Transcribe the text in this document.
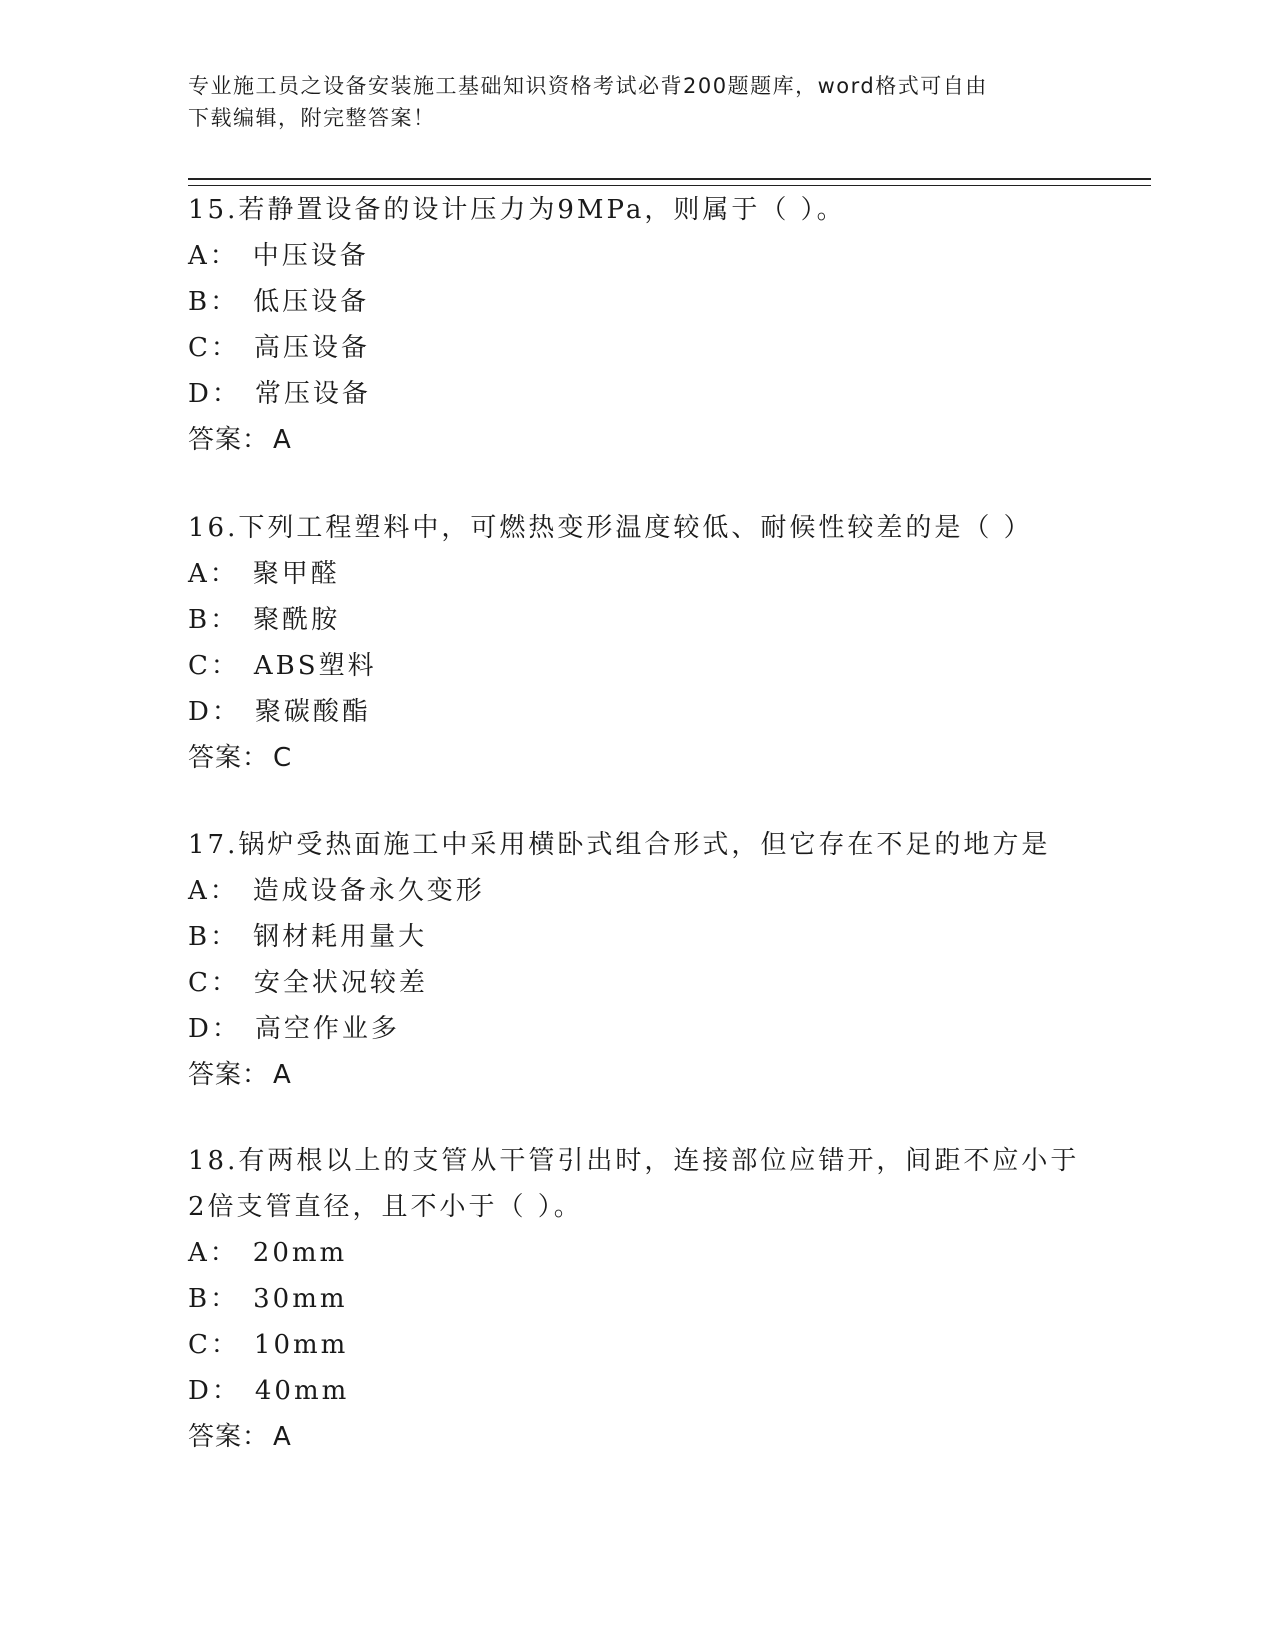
专业施工员之设备安装施工基础知识资格考试必背200题题库，word格式可自由
下载编辑，附完整答案！
15.若静置设备的设计压力为9MPa，则属于（ ）。
A： 中压设备
B： 低压设备
C： 高压设备
D： 常压设备
答案： A
16.下列工程塑料中，可燃热变形温度较低、耐候性较差的是（ ）
A： 聚甲醛
B： 聚酰胺
C： ABS塑料
D： 聚碳酸酯
答案： C
17.锅炉受热面施工中采用横卧式组合形式，但它存在不足的地方是
A： 造成设备永久变形
B： 钢材耗用量大
C： 安全状况较差
D： 高空作业多
答案： A
18.有两根以上的支管从干管引出时，连接部位应错开，间距不应小于
2倍支管直径，且不小于（ ）。
A： 20mm
B： 30mm
C： 10mm
D： 40mm
答案： A
